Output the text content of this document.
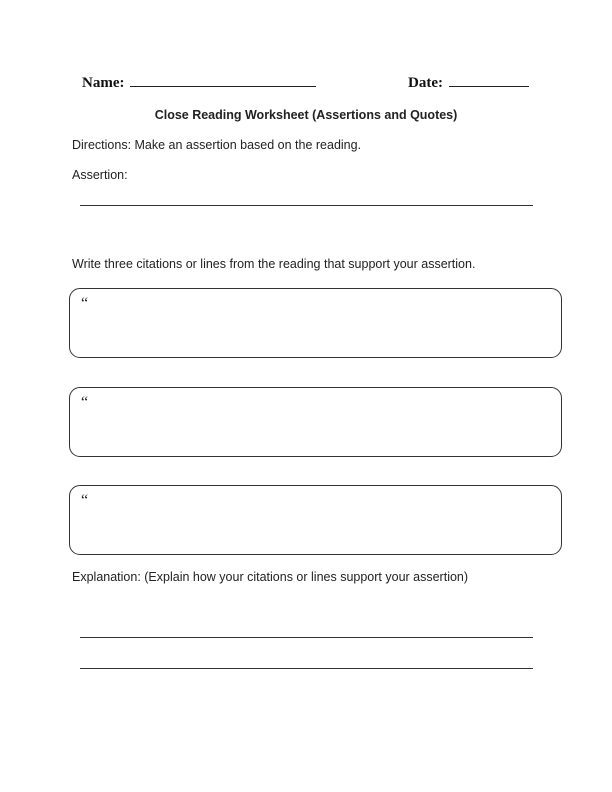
Name:	Date:
Close Reading Worksheet (Assertions and Quotes)
Directions: Make an assertion based on the reading.
Assertion:
Write three citations or lines from the reading that support your assertion.
“
“
“
Explanation: (Explain how your citations or lines support your assertion)
